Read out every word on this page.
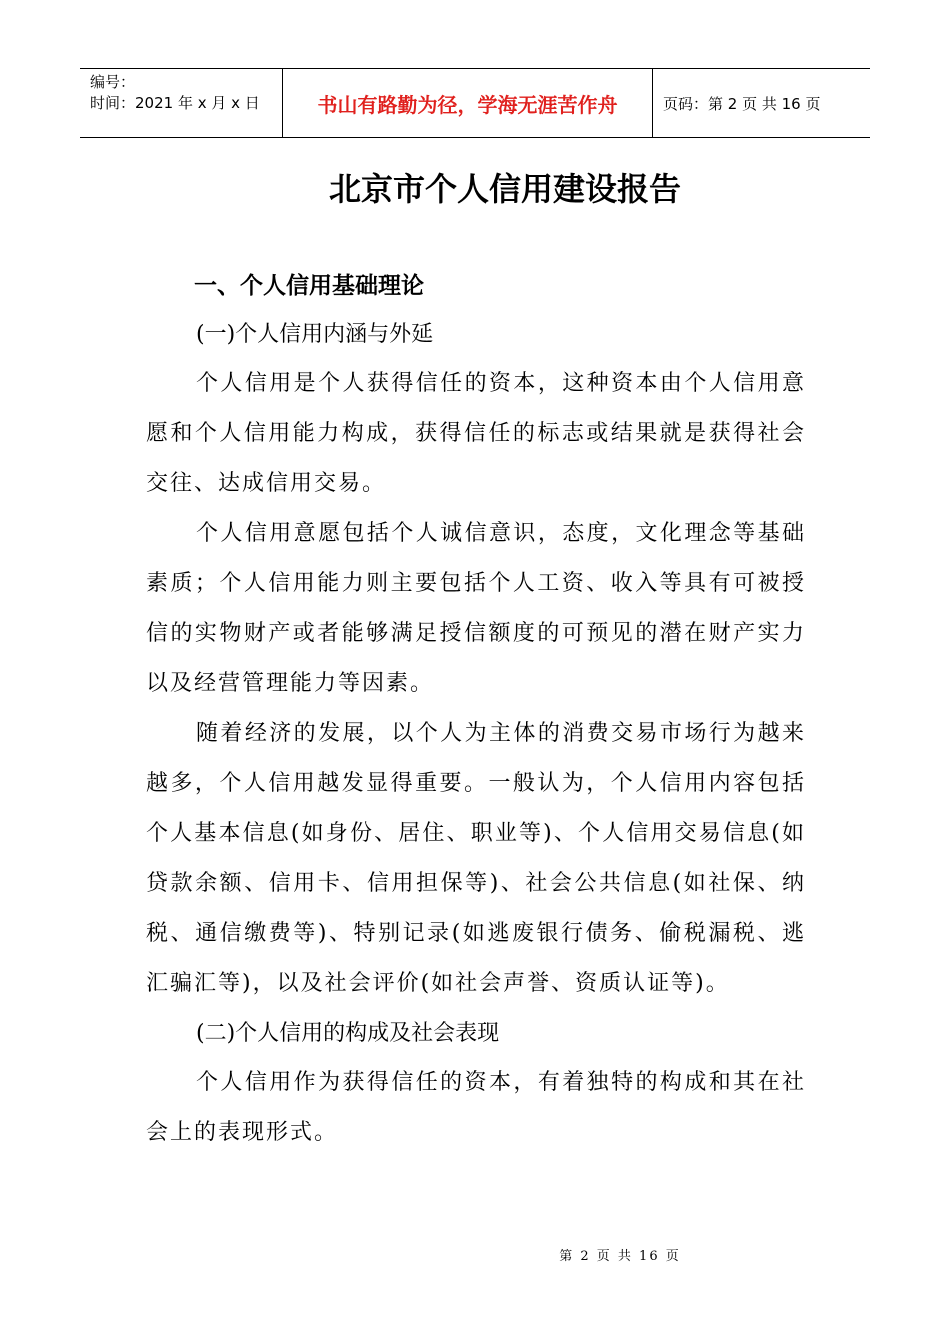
编号：
时间：2021 年 x 月 x 日	书山有路勤为径，学海无涯苦作舟	页码：第 2 页 共 16 页
北京市个人信用建设报告
一、个人信用基础理论
(一)个人信用内涵与外延
个人信用是个人获得信任的资本，这种资本由个人信用意愿和个人信用能力构成，获得信任的标志或结果就是获得社会交往、达成信用交易。
个人信用意愿包括个人诚信意识，态度，文化理念等基础素质；个人信用能力则主要包括个人工资、收入等具有可被授信的实物财产或者能够满足授信额度的可预见的潜在财产实力以及经营管理能力等因素。
随着经济的发展，以个人为主体的消费交易市场行为越来越多，个人信用越发显得重要。一般认为，个人信用内容包括个人基本信息(如身份、居住、职业等)、个人信用交易信息(如贷款余额、信用卡、信用担保等)、社会公共信息(如社保、纳税、通信缴费等)、特别记录(如逃废银行债务、偷税漏税、逃汇骗汇等)，以及社会评价(如社会声誉、资质认证等)。
(二)个人信用的构成及社会表现
个人信用作为获得信任的资本，有着独特的构成和其在社会上的表现形式。
第 2 页 共 16 页
